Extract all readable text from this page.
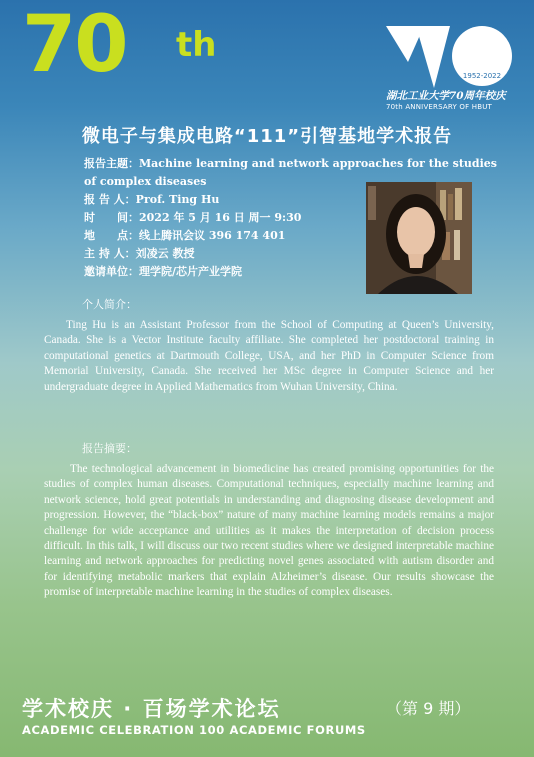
70 th
1952-2022
湖北工业大学70周年校庆
70th ANNIVERSARY OF HBUT
微电子与集成电路“111”引智基地学术报告
报告主题：Machine learning and network approaches for the studies
of complex diseases
报 告 人：Prof. Ting Hu
时　　间：2022 年 5 月 16 日 周一 9:30
地　　点：线上腾讯会议 396 174 401
主 持 人：刘凌云 教授
邀请单位：理学院/芯片产业学院
个人简介：
Ting Hu is an Assistant Professor from the School of Computing at Queen’s University, Canada. She is a Vector Institute faculty affiliate. She completed her postdoctoral training in computational genetics at Dartmouth College, USA, and her PhD in Computer Science from Memorial University, Canada. She received her MSc degree in Computer Science and her undergraduate degree in Applied Mathematics from Wuhan University, China.
报告摘要：
The technological advancement in biomedicine has created promising opportunities for the studies of complex human diseases. Computational techniques, especially machine learning and network science, hold great potentials in understanding and diagnosing disease development and progression. However, the “black-box” nature of many machine learning models remains a major challenge for wide acceptance and utilities as it makes the interpretation of decision process difficult. In this talk, I will discuss our two recent studies where we designed interpretable machine learning and network approaches for predicting novel genes associated with autism disorder and for identifying metabolic markers that explain Alzheimer’s disease. Our results showcase the promise of interpretable machine learning in the studies of complex diseases.
学术校庆 · 百场学术论坛	（第 9 期）
ACADEMIC CELEBRATION 100 ACADEMIC FORUMS
